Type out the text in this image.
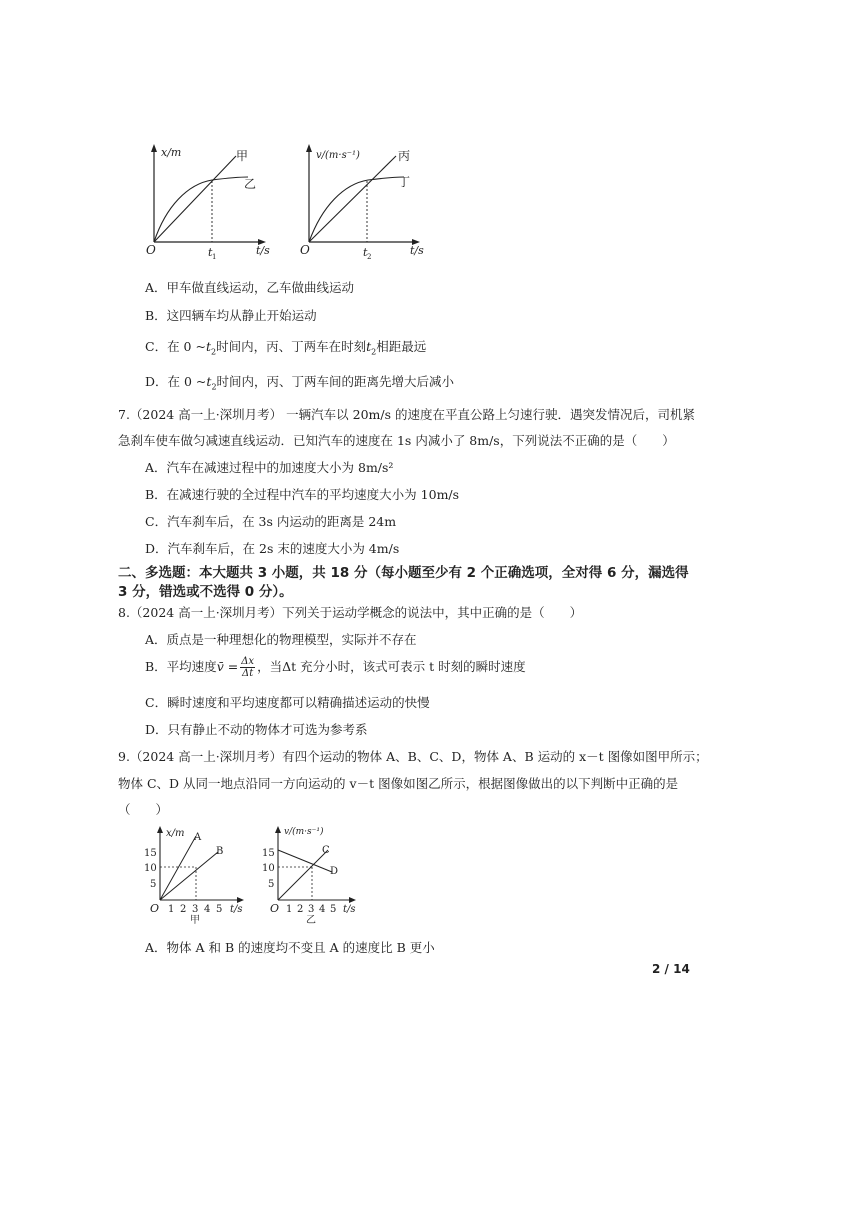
x/m	甲
乙
O	t 1	t/s
v/(m·s⁻¹)	丙
丁
O	t 2	t/s
A．甲车做直线运动，乙车做曲线运动
B．这四辆车均从静止开始运动
C．在 0 $\sim t_2$时间内，丙、丁两车在时刻$t_2$相距最远
D．在 0 $\sim t_2$时间内，丙、丁两车间的距离先增大后减小
7.（2024 高一上·深圳月考） 一辆汽车以 20m/s 的速度在平直公路上匀速行驶．遇突发情况后，司机紧
急刹车使车做匀减速直线运动．已知汽车的速度在 1s 内减小了 8m/s，下列说法不正确的是（　　）
A．汽车在减速过程中的加速度大小为 8m/s²
B．在减速行驶的全过程中汽车的平均速度大小为 10m/s
C．汽车刹车后，在 3s 内运动的距离是 24m
D．汽车刹车后，在 2s 末的速度大小为 4m/s
二、多选题：本大题共 3 小题，共 18 分（每小题至少有 2 个正确选项，全对得 6 分，漏选得
3 分，错选或不选得 0 分）。
8.（2024 高一上·深圳月考）下列关于运动学概念的说法中，其中正确的是（　　）
A．质点是一种理想化的物理模型，实际并不存在
B．平均速度v̄ = $\frac{\Delta x}{\Delta t}$ ，当Δt 充分小时，该式可表示 t 时刻的瞬时速度
C．瞬时速度和平均速度都可以精确描述运动的快慢
D．只有静止不动的物体才可选为参考系
9.（2024 高一上·深圳月考）有四个运动的物体 A、B、C、D，物体 A、B 运动的 x－t 图像如图甲所示；
物体 C、D 从同一地点沿同一方向运动的 v－t 图像如图乙所示，根据图像做出的以下判断中正确的是
（　　）
x/m A
B
15
10
5
O 1 2 3 4 5 t/s
甲
v/(m·s⁻¹)
C
D
15
10
5
O 1 2 3 4 5 t/s
乙
A．物体 A 和 B 的速度均不变且 A 的速度比 B 更小
2 / 14
